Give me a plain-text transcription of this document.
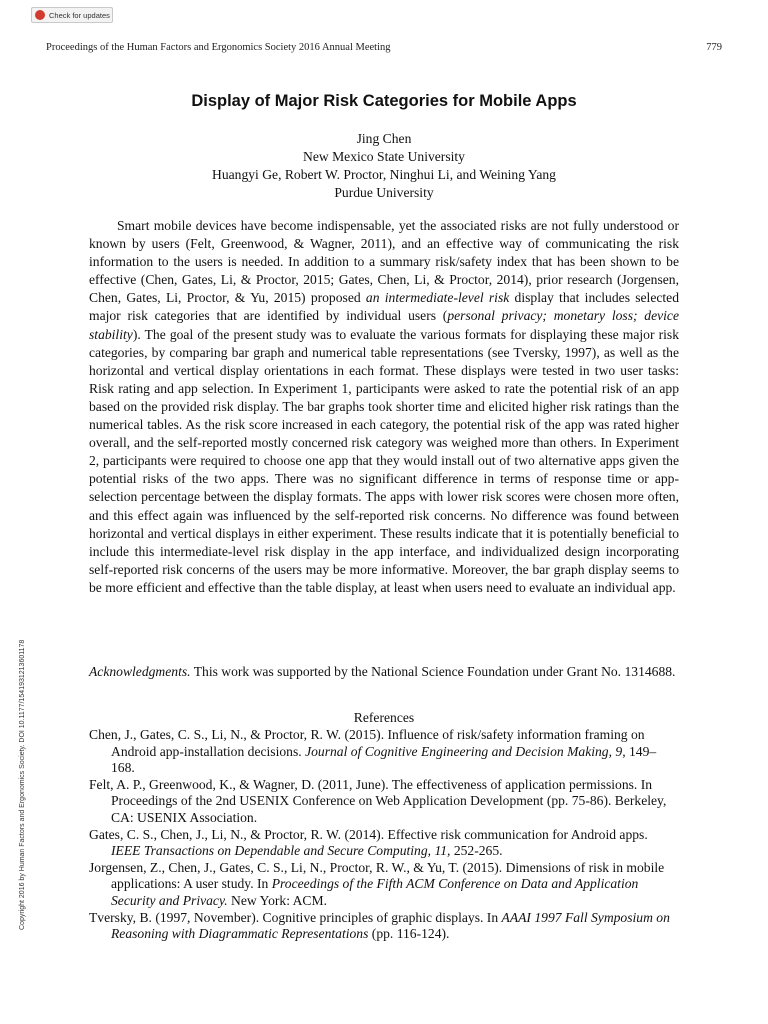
Check for updates
Proceedings of the Human Factors and Ergonomics Society 2016 Annual Meeting	779
Display of Major Risk Categories for Mobile Apps
Jing Chen
New Mexico State University
Huangyi Ge, Robert W. Proctor, Ninghui Li, and Weining Yang
Purdue University

Smart mobile devices have become indispensable, yet the associated risks are not fully understood or known by users (Felt, Greenwood, & Wagner, 2011), and an effective way of communicating the risk information to the users is needed. In addition to a summary risk/safety index that has been shown to be effective (Chen, Gates, Li, & Proctor, 2015; Gates, Chen, Li, & Proctor, 2014), prior research (Jorgensen, Chen, Gates, Li, Proctor, & Yu, 2015) proposed an intermediate-level risk display that includes selected major risk categories that are identified by individual users (personal privacy; monetary loss; device stability). The goal of the present study was to evaluate the various formats for displaying these major risk categories, by comparing bar graph and numerical table representations (see Tversky, 1997), as well as the horizontal and vertical display orientations in each format. These displays were tested in two user tasks: Risk rating and app selection. In Experiment 1, participants were asked to rate the potential risk of an app based on the provided risk display. The bar graphs took shorter time and elicited higher risk ratings than the numerical tables. As the risk score increased in each category, the potential risk of the app was rated higher overall, and the self-reported mostly concerned risk category was weighed more than others. In Experiment 2, participants were required to choose one app that they would install out of two alternative apps given the potential risks of the two apps. There was no significant difference in terms of response time or app-selection percentage between the display formats. The apps with lower risk scores were chosen more often, and this effect again was influenced by the self-reported risk concerns. No difference was found between horizontal and vertical displays in either experiment. These results indicate that it is potentially beneficial to include this intermediate-level risk display in the app interface, and individualized design incorporating self-reported risk concerns of the users may be more informative. Moreover, the bar graph display seems to be more efficient and effective than the table display, at least when users need to evaluate an individual app.

Acknowledgments. This work was supported by the National Science Foundation under Grant No. 1314688.

References

Chen, J., Gates, C. S., Li, N., & Proctor, R. W. (2015). Influence of risk/safety information framing on Android app-installation decisions. Journal of Cognitive Engineering and Decision Making, 9, 149–168.

Felt, A. P., Greenwood, K., & Wagner, D. (2011, June). The effectiveness of application permissions. In Proceedings of the 2nd USENIX Conference on Web Application Development (pp. 75-86). Berkeley, CA: USENIX Association.

Gates, C. S., Chen, J., Li, N., & Proctor, R. W. (2014). Effective risk communication for Android apps. IEEE Transactions on Dependable and Secure Computing, 11, 252-265.

Jorgensen, Z., Chen, J., Gates, C. S., Li, N., Proctor, R. W., & Yu, T. (2015). Dimensions of risk in mobile applications: A user study. In Proceedings of the Fifth ACM Conference on Data and Application Security and Privacy. New York: ACM.

Tversky, B. (1997, November). Cognitive principles of graphic displays. In AAAI 1997 Fall Symposium on Reasoning with Diagrammatic Representations (pp. 116-124).

Copyright 2016 by Human Factors and Ergonomics Society. DOI 10.1177/1541931213601178
